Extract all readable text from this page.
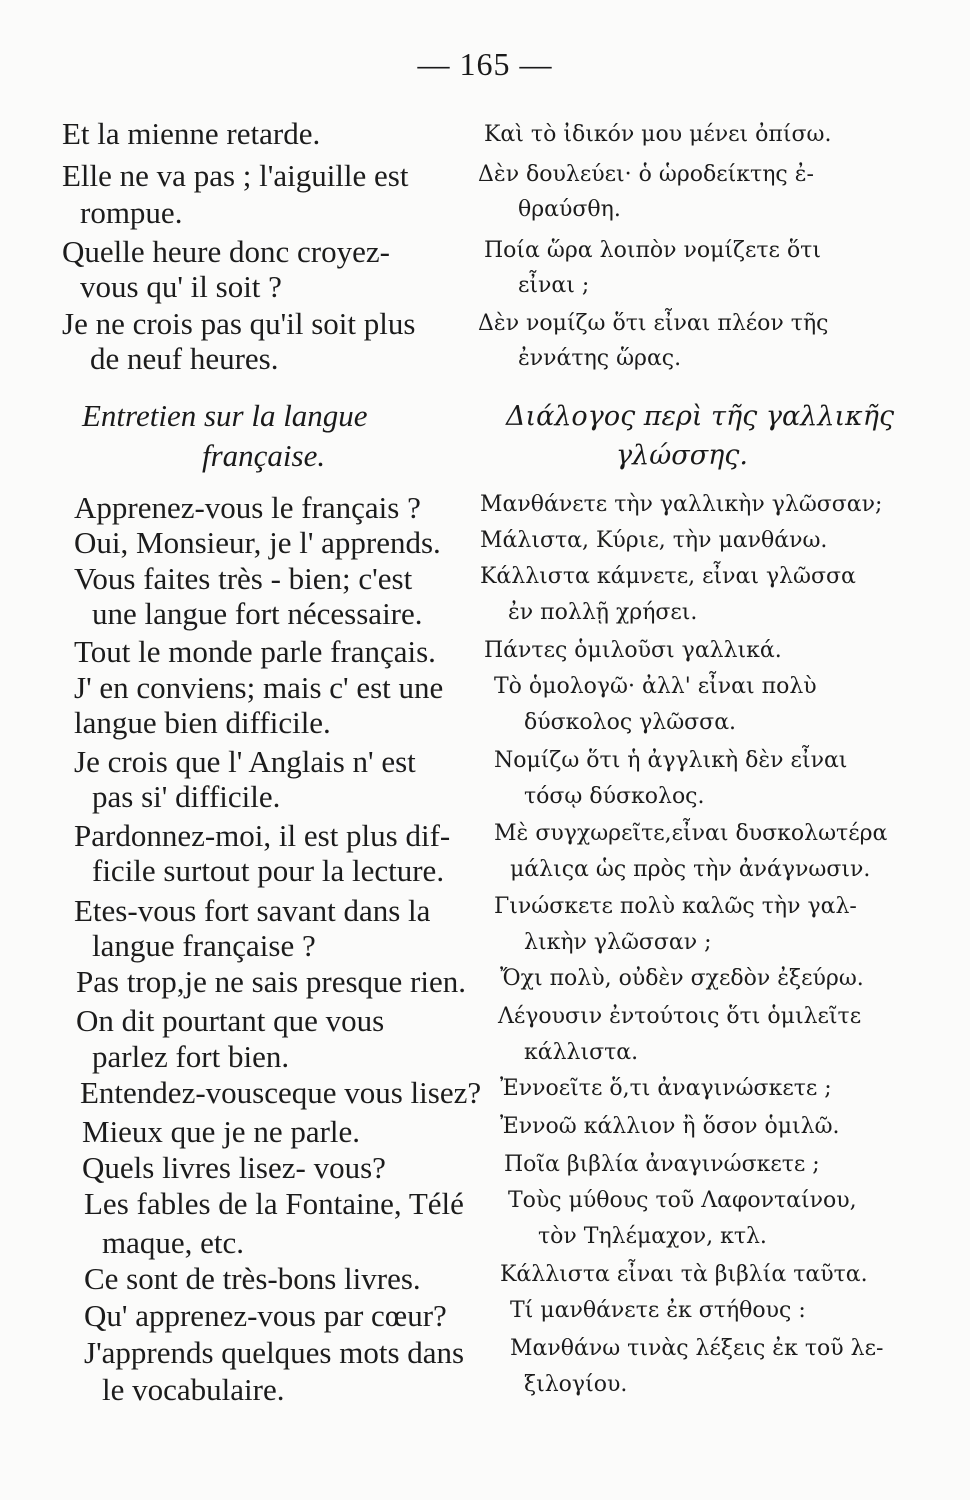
— 165 —
Et la mienne retarde.
Elle ne va pas ; l'aiguille est
rompue.
Quelle heure donc croyez-
vous qu' il soit ?
Je ne crois pas qu'il soit plus
de neuf heures.
Entretien sur la langue
française.
Apprenez-vous le français ?
Oui, Monsieur, je l' apprends.
Vous faites très - bien; c'est
une langue fort nécessaire.
Tout le monde parle français.
J' en conviens; mais c' est une
langue bien difficile.
Je crois que l' Anglais n' est
pas si' difficile.
Pardonnez-moi, il est plus dif-
ficile surtout pour la lecture.
Etes-vous fort savant dans la
langue française ?
Pas trop,je ne sais presque rien.
On dit pourtant que vous
parlez fort bien.
Entendez-vousceque vous lisez?
Mieux que je ne parle.
Quels livres lisez- vous?
Les fables de la Fontaine, Télé
maque, etc.
Ce sont de très-bons livres.
Qu' apprenez-vous par cœur?
J'apprends quelques mots dans
le vocabulaire.
Καὶ τὸ ἰδικόν μου μένει ὀπίσω.
Δὲν δουλεύει· ὁ ὡροδείκτης ἐ-
θραύσθη.
Ποία ὥρα λοιπὸν νομίζετε ὅτι
εἶναι ;
Δὲν νομίζω ὅτι εἶναι πλέον τῆς
ἐννάτης ὥρας.
Διάλογος περὶ τῆς γαλλικῆς
γλώσσης.
Μανθάνετε τὴν γαλλικὴν γλῶσσαν;
Μάλιστα, Κύριε, τὴν μανθάνω.
Κάλλιστα κάμνετε, εἶναι γλῶσσα
ἐν πολλῇ χρήσει.
Πάντες ὁμιλοῦσι γαλλικά.
Τὸ ὁμολογῶ· ἀλλ' εἶναι πολὺ
δύσκολος γλῶσσα.
Νομίζω ὅτι ἡ ἀγγλικὴ δὲν εἶναι
τόσῳ δύσκολος.
Μὲ συγχωρεῖτε,εἶναι δυσκολωτέρα
μάλιςα ὡς πρὸς τὴν ἀνάγνωσιν.
Γινώσκετε πολὺ καλῶς τὴν γαλ-
λικὴν γλῶσσαν ;
Ὄχι πολὺ, οὐδὲν σχεδὸν ἐξεύρω.
Λέγουσιν ἐντούτοις ὅτι ὁμιλεῖτε
κάλλιστα.
Ἐννοεῖτε ὅ,τι ἀναγινώσκετε ;
Ἐννοῶ κάλλιον ἢ ὅσον ὁμιλῶ.
Ποῖα βιβλία ἀναγινώσκετε ;
Τοὺς μύθους τοῦ Λαφονταίνου,
τὸν Τηλέμαχον, κτλ.
Κάλλιστα εἶναι τὰ βιβλία ταῦτα.
Τί μανθάνετε ἐκ στήθους :
Μανθάνω τινὰς λέξεις ἐκ τοῦ λε-
ξιλογίου.
